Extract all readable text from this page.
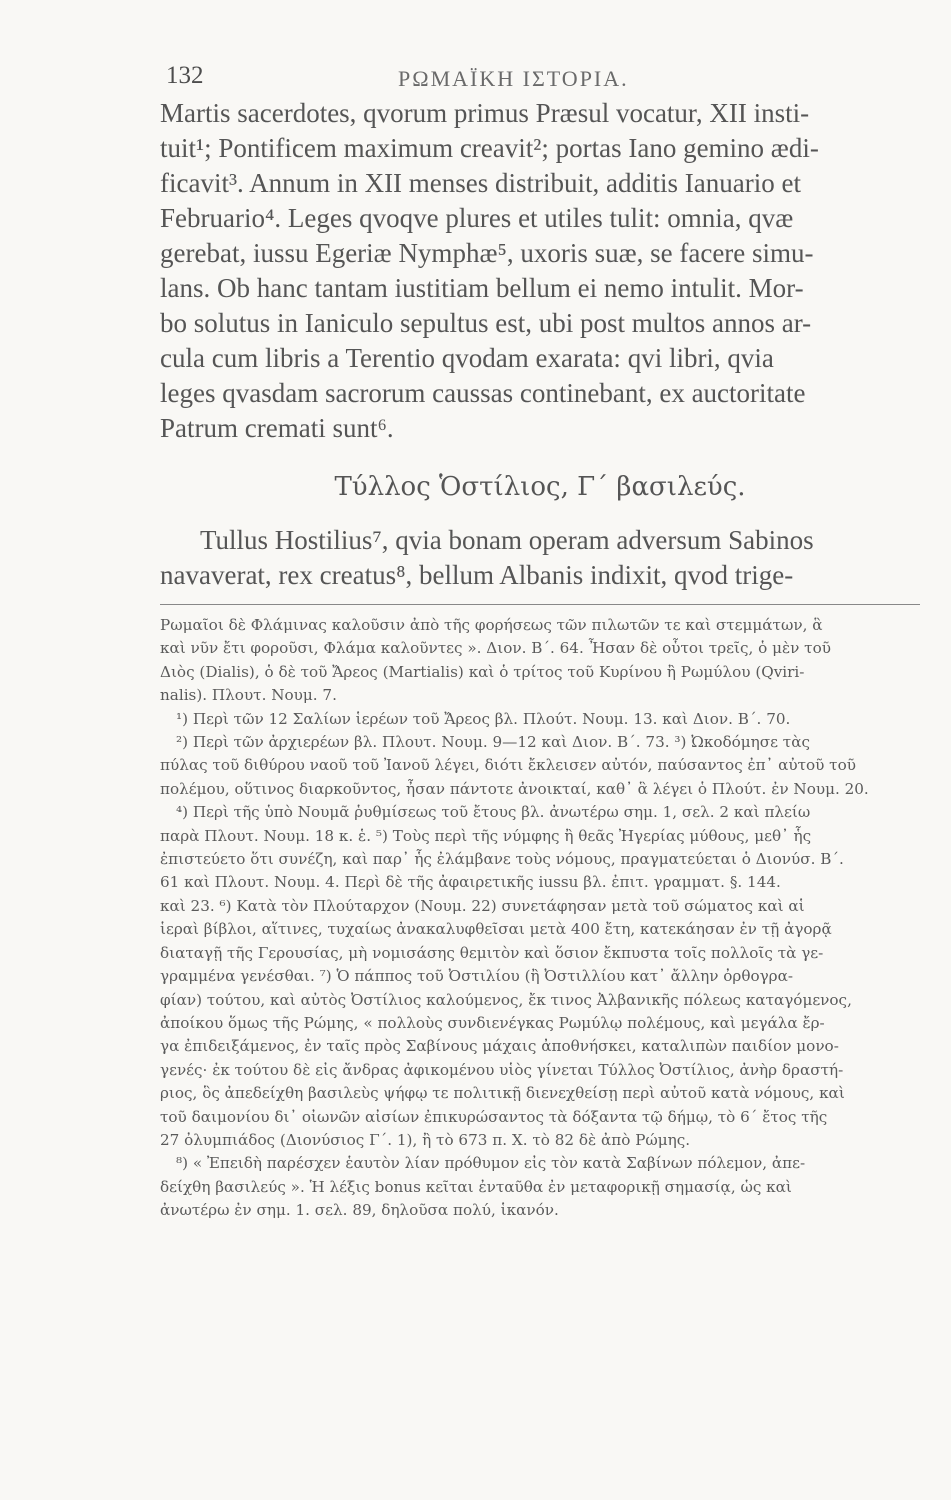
132	ΡΩΜΑΪΚΗ ΙΣΤΟΡΙΑ.
Martis sacerdotes, qvorum primus Præsul vocatur, XII insti-
tuit¹; Pontificem maximum creavit²; portas Iano gemino ædi-
ficavit³. Annum in XII menses distribuit, additis Ianuario et
Februario⁴. Leges qvoqve plures et utiles tulit: omnia, qvæ
gerebat, iussu Egeriæ Nymphæ⁵, uxoris suæ, se facere simu-
lans. Ob hanc tantam iustitiam bellum ei nemo intulit. Mor-
bo solutus in Ianiculo sepultus est, ubi post multos annos ar-
cula cum libris a Terentio qvodam exarata: qvi libri, qvia
leges qvasdam sacrorum caussas continebant, ex auctoritate
Patrum cremati sunt⁶.
Τύλλος Ὁστίλιος, Γ΄ βασιλεύς.
Tullus Hostilius⁷, qvia bonam operam adversum Sabinos
navaverat, rex creatus⁸, bellum Albanis indixit, qvod trige-
Ρωμαῖοι δὲ Φλάμινας καλοῦσιν ἀπὸ τῆς φορήσεως τῶν πιλωτῶν τε καὶ στεμμάτων, ἃ
καὶ νῦν ἔτι φοροῦσι, Φλάμα καλοῦντες ». Διον. Β΄. 64. Ἦσαν δὲ οὗτοι τρεῖς, ὁ μὲν τοῦ
Διὸς (Dialis), ὁ δὲ τοῦ Ἄρεος (Martialis) καὶ ὁ τρίτος τοῦ Κυρίνου ἢ Ρωμύλου (Qviri-
nalis). Πλουτ. Νουμ. 7.
¹) Περὶ τῶν 12 Σαλίων ἱερέων τοῦ Ἄρεος βλ. Πλούτ. Νουμ. 13. καὶ Διον. Β΄. 70.
²) Περὶ τῶν ἀρχιερέων βλ. Πλουτ. Νουμ. 9—12 καὶ Διον. Β΄. 73. ³) Ὠκοδόμησε τὰς
πύλας τοῦ διθύρου ναοῦ τοῦ Ἰανοῦ λέγει, διότι ἔκλεισεν αὐτόν, παύσαντος ἐπ᾽ αὐτοῦ τοῦ
πολέμου, οὕτινος διαρκοῦντος, ἦσαν πάντοτε ἀνοικταί, καθ᾽ ἃ λέγει ὁ Πλούτ. ἐν Νουμ. 20.
⁴) Περὶ τῆς ὑπὸ Νουμᾶ ῥυθμίσεως τοῦ ἔτους βλ. ἀνωτέρω σημ. 1, σελ. 2 καὶ πλείω
παρὰ Πλουτ. Νουμ. 18 κ. ἑ. ⁵) Τοὺς περὶ τῆς νύμφης ἢ θεᾶς Ἠγερίας μύθους, μεθ᾽ ἧς
ἐπιστεύετο ὅτι συνέζη, καὶ παρ᾽ ἧς ἐλάμβανε τοὺς νόμους, πραγματεύεται ὁ Διονύσ. Β΄.
61 καὶ Πλουτ. Νουμ. 4. Περὶ δὲ τῆς ἀφαιρετικῆς iussu βλ. ἐπιτ. γραμματ. §. 144.
καὶ 23. ⁶) Κατὰ τὸν Πλούταρχον (Νουμ. 22) συνετάφησαν μετὰ τοῦ σώματος καὶ αἱ
ἱεραὶ βίβλοι, αἵτινες, τυχαίως ἀνακαλυφθεῖσαι μετὰ 400 ἔτη, κατεκάησαν ἐν τῇ ἀγορᾷ
διαταγῇ τῆς Γερουσίας, μὴ νομισάσης θεμιτὸν καὶ ὅσιον ἔκπυστα τοῖς πολλοῖς τὰ γε-
γραμμένα γενέσθαι. ⁷) Ὁ πάππος τοῦ Ὀστιλίου (ἢ Ὀστιλλίου κατ᾽ ἄλλην ὀρθογρα-
φίαν) τούτου, καὶ αὐτὸς Ὀστίλιος καλούμενος, ἔκ τινος Ἀλβανικῆς πόλεως καταγόμενος,
ἀποίκου ὅμως τῆς Ρώμης, « πολλοὺς συνδιενέγκας Ρωμύλῳ πολέμους, καὶ μεγάλα ἔρ-
γα ἐπιδειξάμενος, ἐν ταῖς πρὸς Σαβίνους μάχαις ἀποθνήσκει, καταλιπὼν παιδίον μονο-
γενές· ἐκ τούτου δὲ εἰς ἄνδρας ἀφικομένου υἱὸς γίνεται Τύλλος Ὀστίλιος, ἀνὴρ δραστή-
ριος, ὃς ἀπεδείχθη βασιλεὺς ψήφῳ τε πολιτικῇ διενεχθείσῃ περὶ αὐτοῦ κατὰ νόμους, καὶ
τοῦ δαιμονίου δι᾽ οἰωνῶν αἰσίων ἐπικυρώσαντος τὰ δόξαντα τῷ δήμῳ, τὸ 6΄ ἔτος τῆς
27 ὀλυμπιάδος (Διονύσιος Γ΄. 1), ἢ τὸ 673 π. Χ. τὸ 82 δὲ ἀπὸ Ρώμης.
⁸) « Ἐπειδὴ παρέσχεν ἑαυτὸν λίαν πρόθυμον εἰς τὸν κατὰ Σαβίνων πόλεμον, ἀπε-
δείχθη βασιλεύς ». Ἡ λέξις bonus κεῖται ἐνταῦθα ἐν μεταφορικῇ σημασίᾳ, ὡς καὶ
ἀνωτέρω ἐν σημ. 1. σελ. 89, δηλοῦσα πολύ, ἱκανόν.
